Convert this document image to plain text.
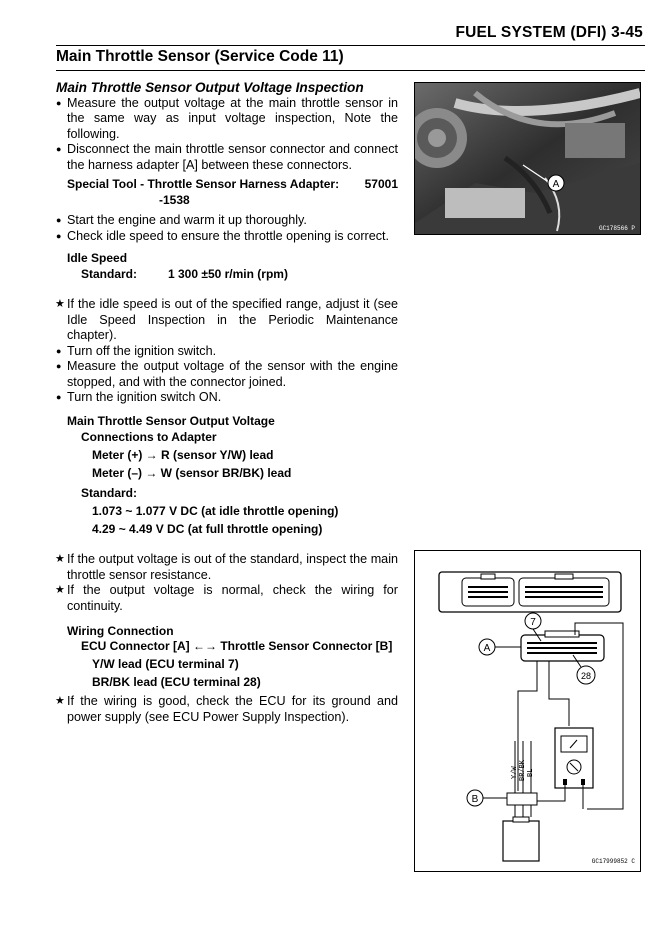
FUEL SYSTEM (DFI) 3-45
Main Throttle Sensor (Service Code 11)
Main Throttle Sensor Output Voltage Inspection
● Measure the output voltage at the main throttle sensor in the same way as input voltage inspection, Note the following.
● Disconnect the main throttle sensor connector and connect the harness adapter [A] between these connectors.
Special Tool - Throttle Sensor Harness Adapter: 57001
-1538
● Start the engine and warm it up thoroughly.
● Check idle speed to ensure the throttle opening is correct.
Idle Speed
Standard:	1 300 ±50 r/min (rpm)
★ If the idle speed is out of the specified range, adjust it (see Idle Speed Inspection in the Periodic Maintenance chapter).
● Turn off the ignition switch.
● Measure the output voltage of the sensor with the engine stopped, and with the connector joined.
● Turn the ignition switch ON.
Main Throttle Sensor Output Voltage
Connections to Adapter
Meter (+) → R (sensor Y/W) lead
Meter (–) → W (sensor BR/BK) lead
Standard:
1.073 ~ 1.077 V DC (at idle throttle opening)
4.29 ~ 4.49 V DC (at full throttle opening)
★ If the output voltage is out of the standard, inspect the main throttle sensor resistance.
★ If the output voltage is normal, check the wiring for continuity.
Wiring Connection
ECU Connector [A] ←→ Throttle Sensor Connector [B]
Y/W lead (ECU terminal 7)
BR/BK lead (ECU terminal 28)
★ If the wiring is good, check the ECU for its ground and power supply (see ECU Power Supply Inspection).
A
GC178566 P
7
28
A
Y/W BR/BK BL
B
GC17999852 C
